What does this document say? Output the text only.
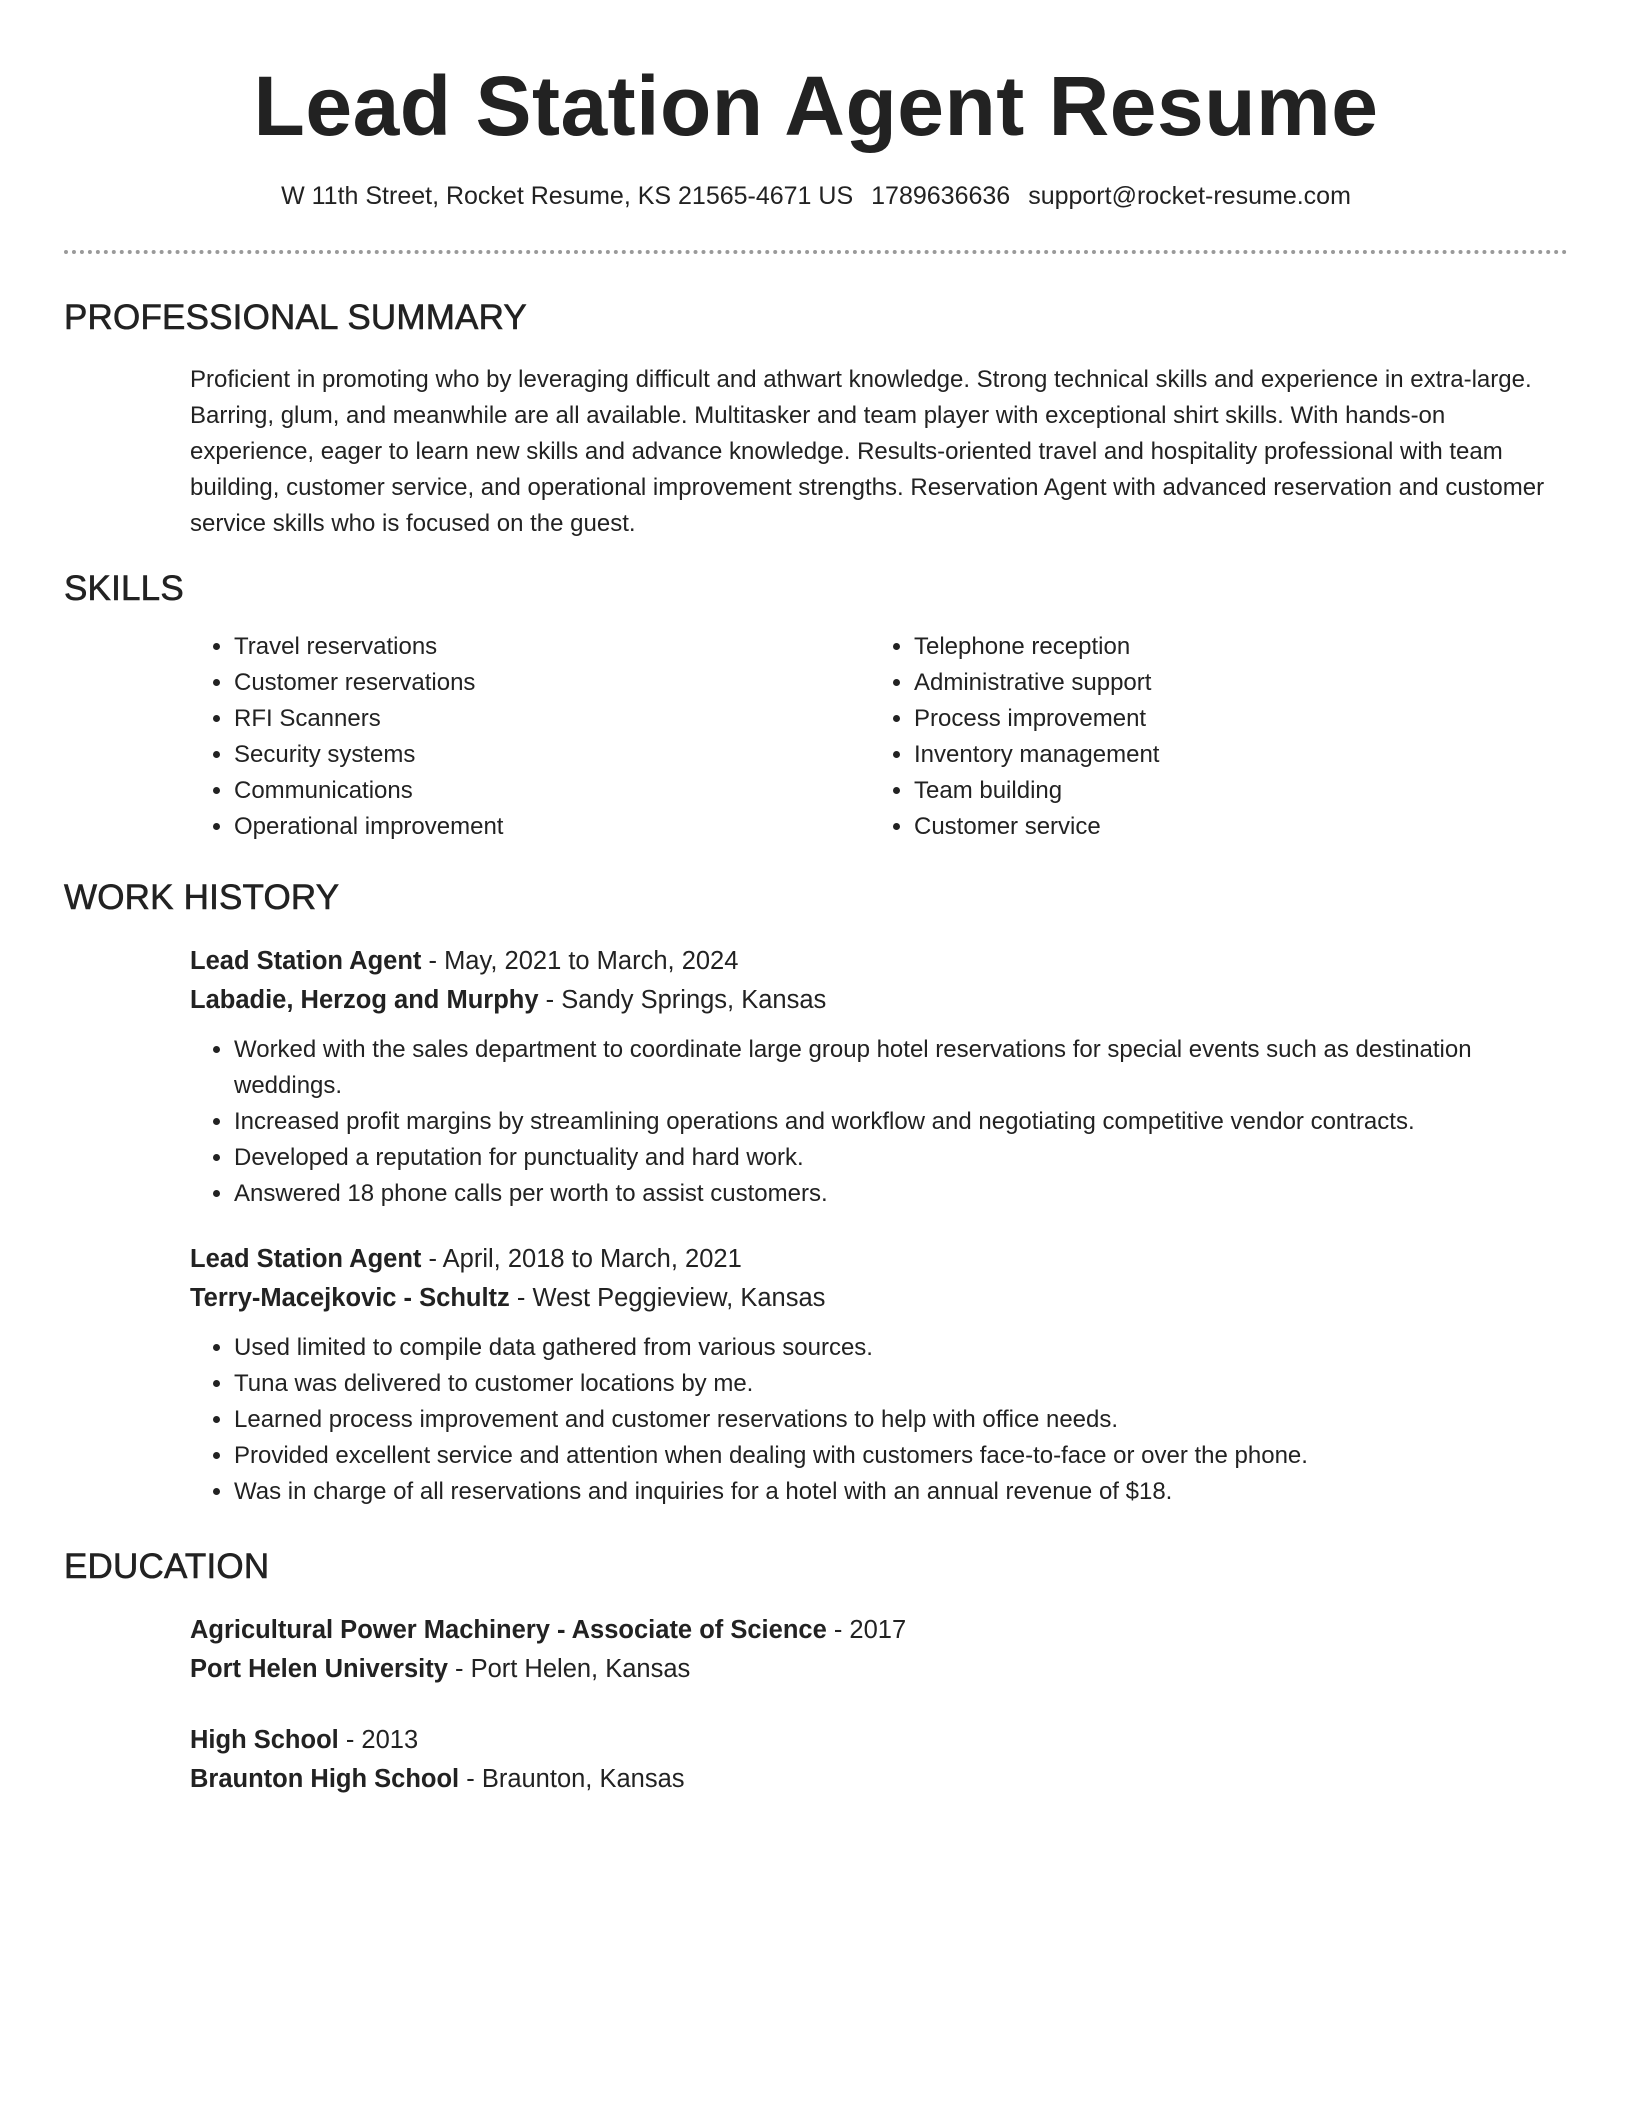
Lead Station Agent Resume
W 11th Street, Rocket Resume, KS 21565-4671 US 1789636636 support@rocket-resume.com
PROFESSIONAL SUMMARY
Proficient in promoting who by leveraging difficult and athwart knowledge. Strong technical skills and experience in extra-large. Barring, glum, and meanwhile are all available. Multitasker and team player with exceptional shirt skills. With hands-on experience, eager to learn new skills and advance knowledge. Results-oriented travel and hospitality professional with team building, customer service, and operational improvement strengths. Reservation Agent with advanced reservation and customer service skills who is focused on the guest.
SKILLS
• Travel reservations
• Customer reservations
• RFI Scanners
• Security systems
• Communications
• Operational improvement
• Telephone reception
• Administrative support
• Process improvement
• Inventory management
• Team building
• Customer service
WORK HISTORY
Lead Station Agent - May, 2021 to March, 2024
Labadie, Herzog and Murphy - Sandy Springs, Kansas
• Worked with the sales department to coordinate large group hotel reservations for special events such as destination weddings.
• Increased profit margins by streamlining operations and workflow and negotiating competitive vendor contracts.
• Developed a reputation for punctuality and hard work.
• Answered 18 phone calls per worth to assist customers.
Lead Station Agent - April, 2018 to March, 2021
Terry-Macejkovic - Schultz - West Peggieview, Kansas
• Used limited to compile data gathered from various sources.
• Tuna was delivered to customer locations by me.
• Learned process improvement and customer reservations to help with office needs.
• Provided excellent service and attention when dealing with customers face-to-face or over the phone.
• Was in charge of all reservations and inquiries for a hotel with an annual revenue of $18.
EDUCATION
Agricultural Power Machinery - Associate of Science - 2017
Port Helen University - Port Helen, Kansas
High School - 2013
Braunton High School - Braunton, Kansas
